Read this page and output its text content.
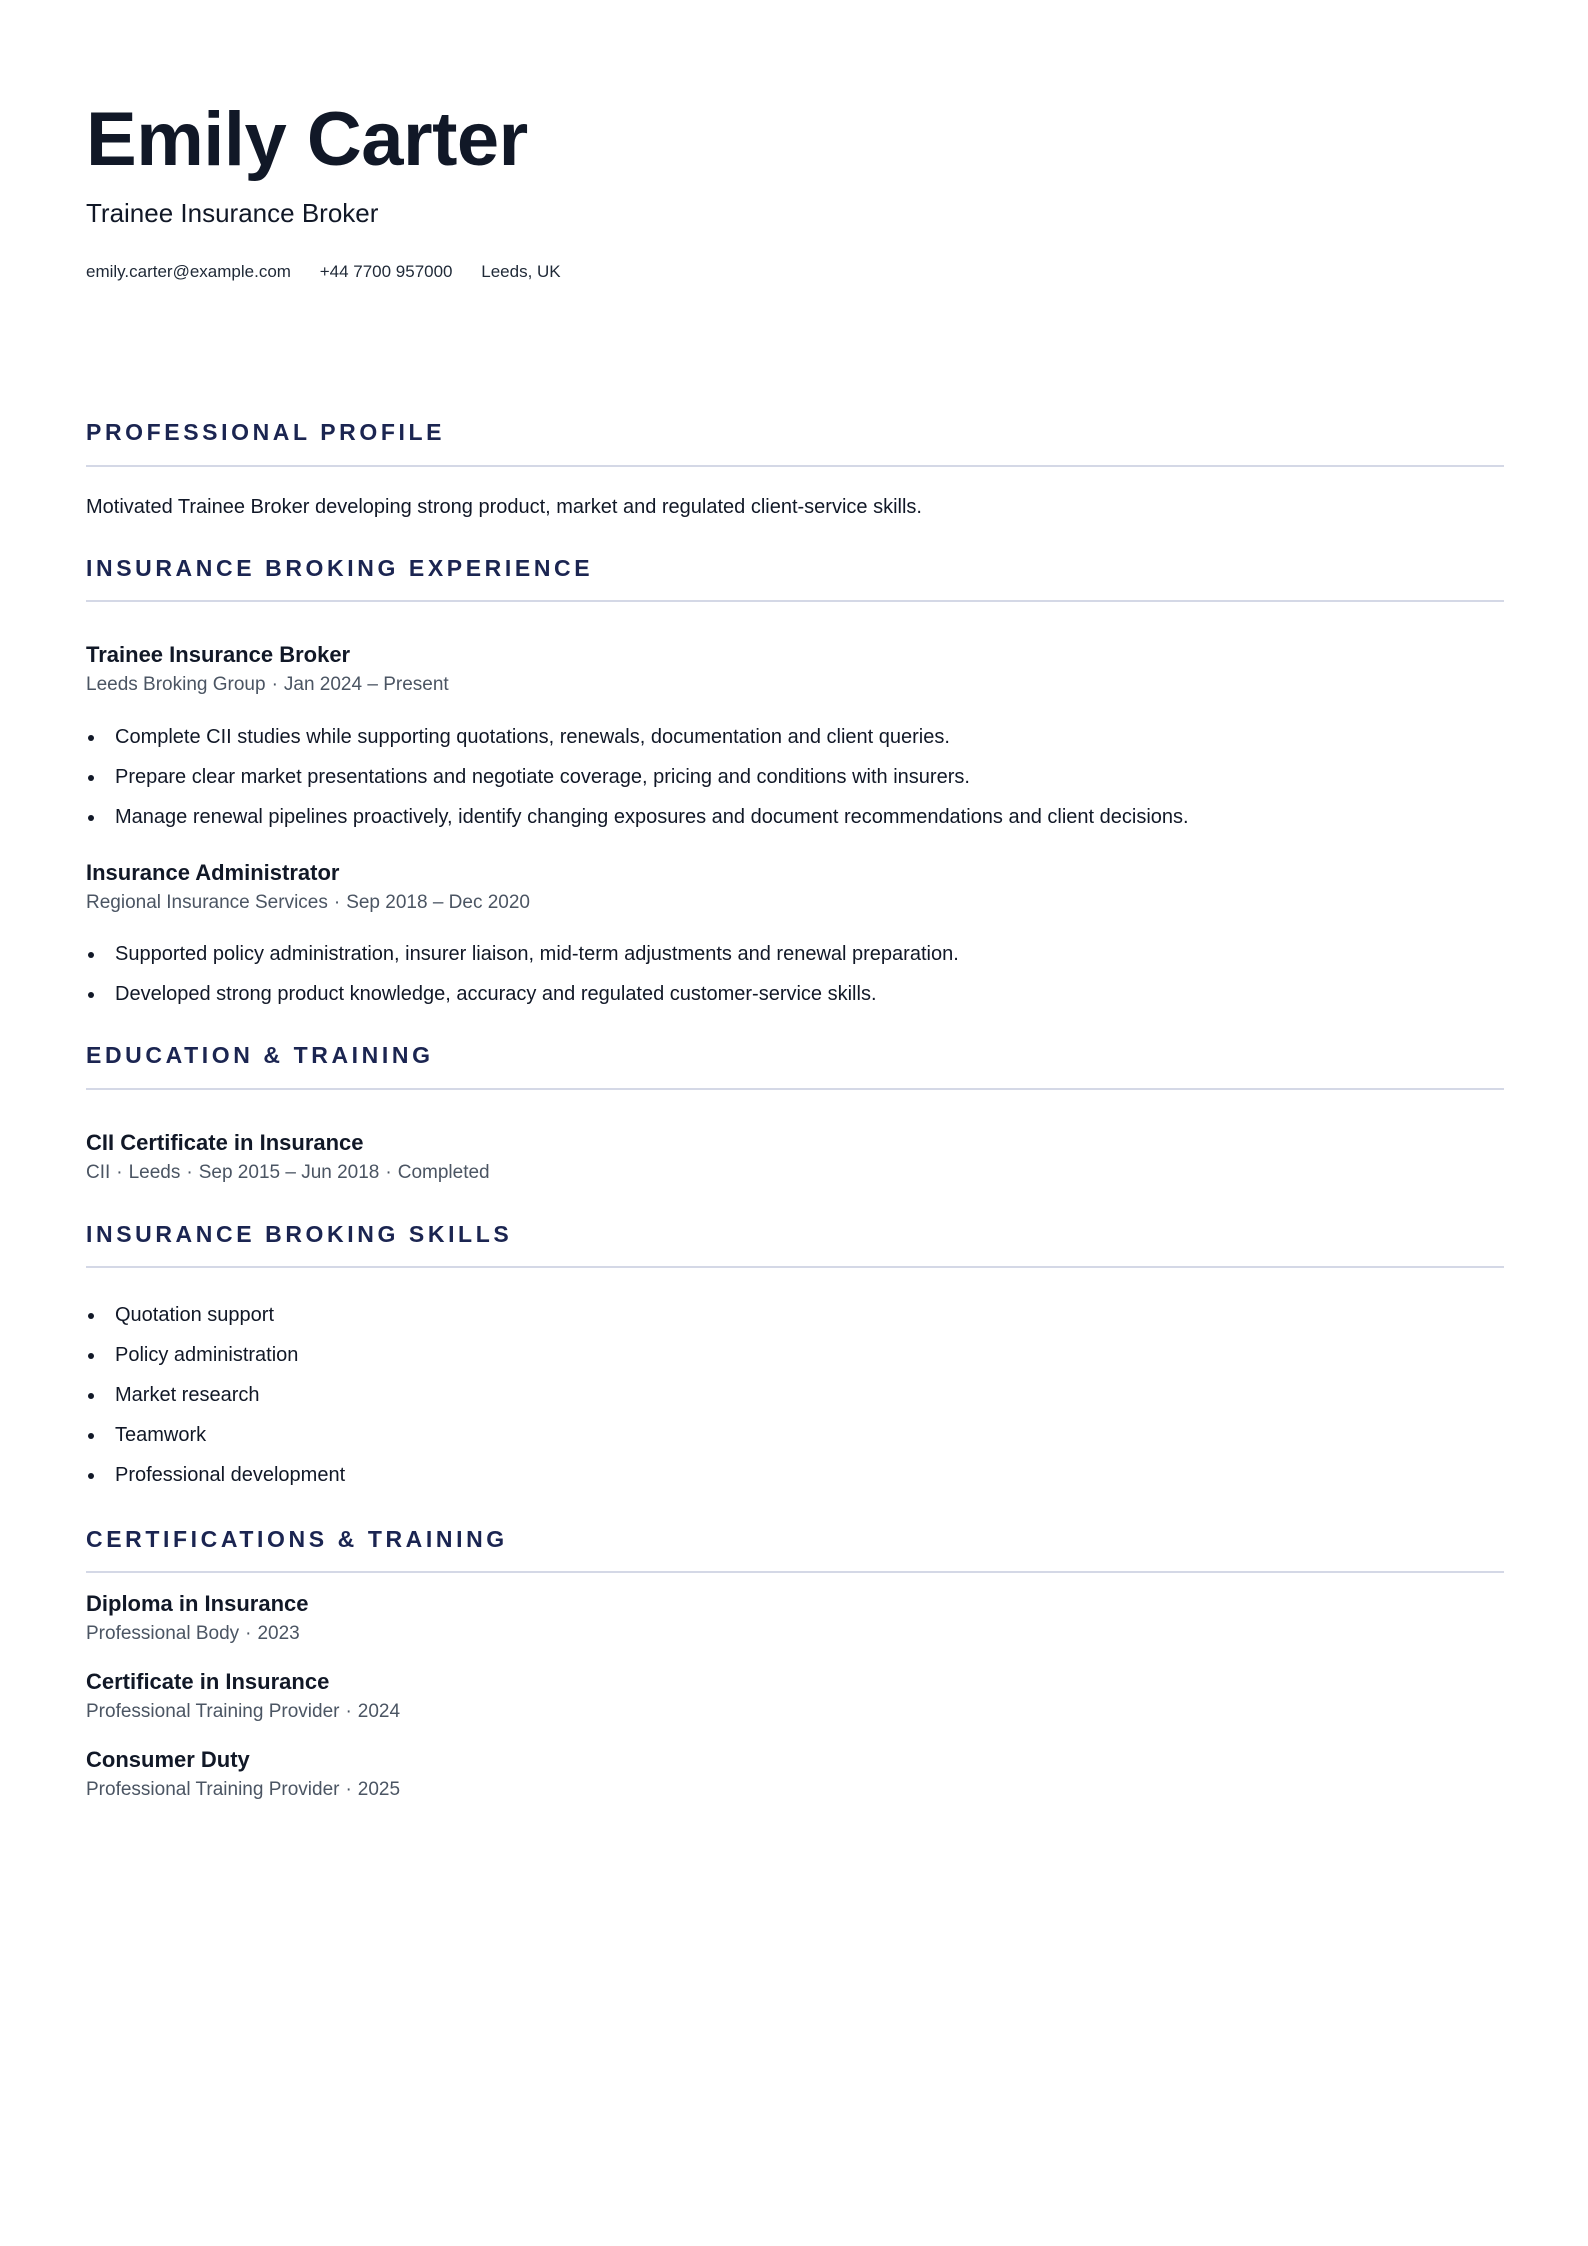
Emily Carter
Trainee Insurance Broker
emily.carter@example.com +44 7700 957000 Leeds, UK
PROFESSIONAL PROFILE
Motivated Trainee Broker developing strong product, market and regulated client-service skills.
INSURANCE BROKING EXPERIENCE
Trainee Insurance Broker
Leeds Broking Group · Jan 2024 – Present
Complete CII studies while supporting quotations, renewals, documentation and client queries.
Prepare clear market presentations and negotiate coverage, pricing and conditions with insurers.
Manage renewal pipelines proactively, identify changing exposures and document recommendations and client decisions.
Insurance Administrator
Regional Insurance Services · Sep 2018 – Dec 2020
Supported policy administration, insurer liaison, mid-term adjustments and renewal preparation.
Developed strong product knowledge, accuracy and regulated customer-service skills.
EDUCATION & TRAINING
CII Certificate in Insurance
CII · Leeds · Sep 2015 – Jun 2018 · Completed
INSURANCE BROKING SKILLS
Quotation support
Policy administration
Market research
Teamwork
Professional development
CERTIFICATIONS & TRAINING
Diploma in Insurance
Professional Body · 2023
Certificate in Insurance
Professional Training Provider · 2024
Consumer Duty
Professional Training Provider · 2025
